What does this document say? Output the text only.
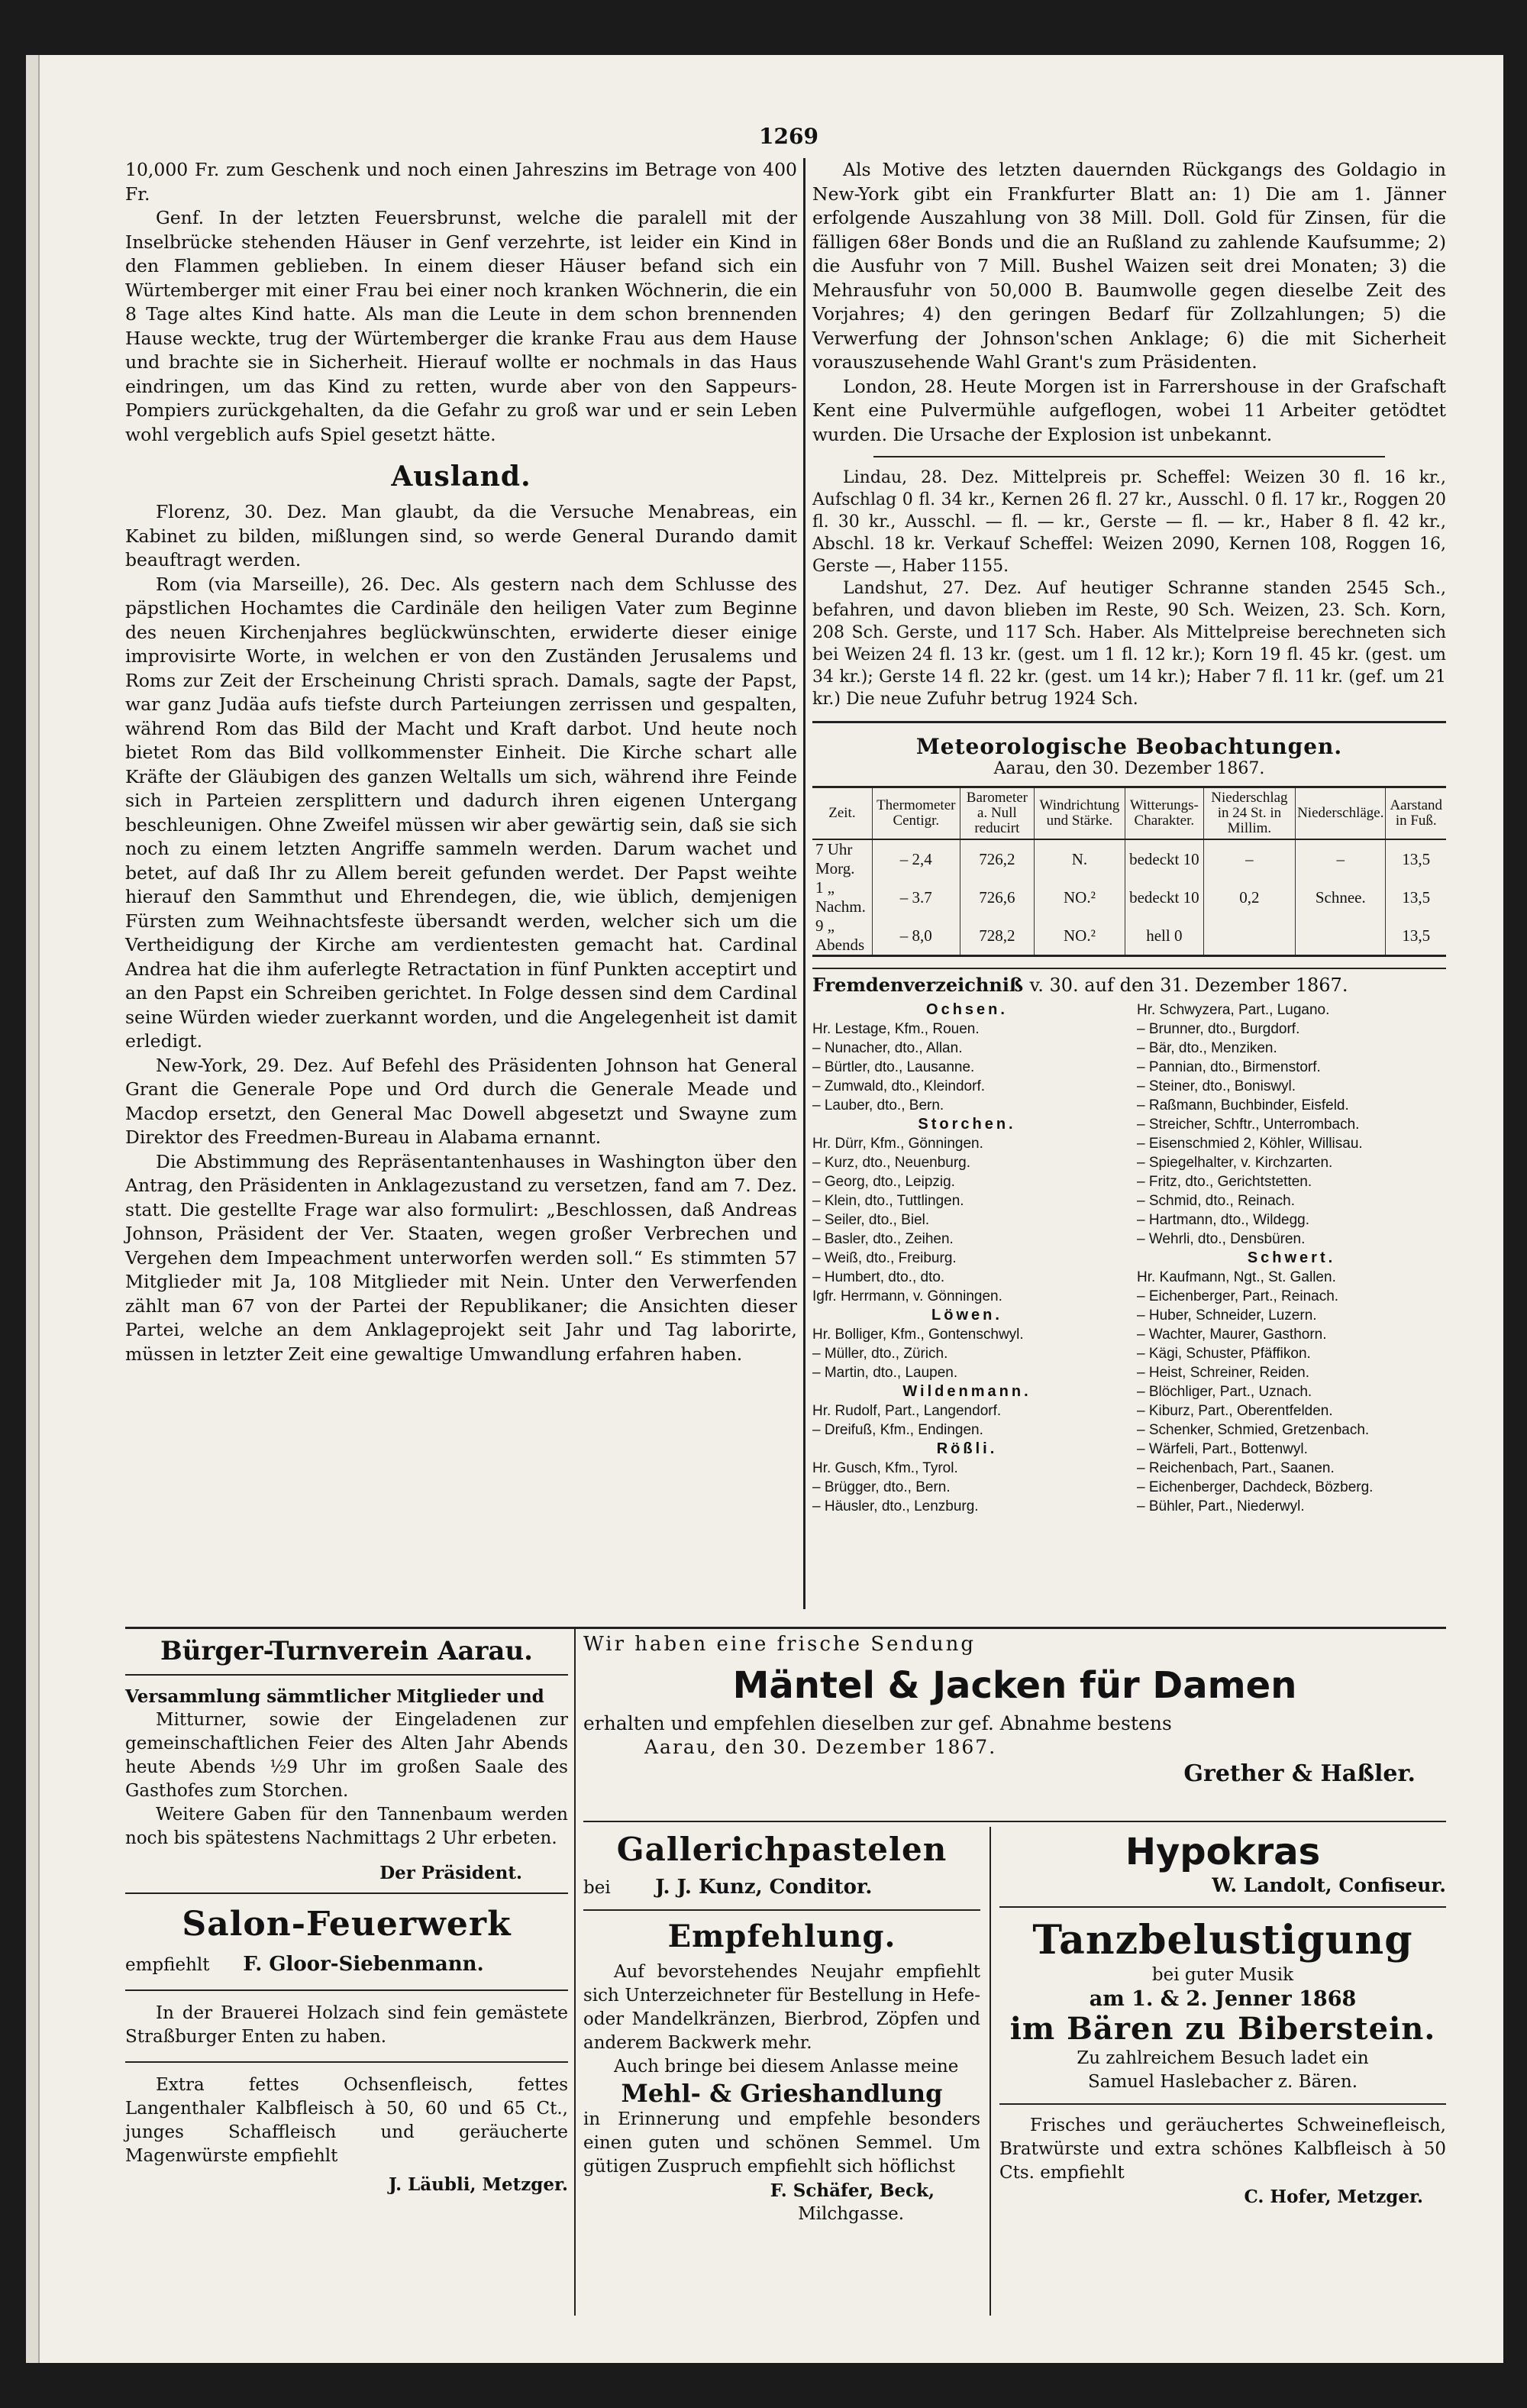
1269

10,000 Fr. zum Geschenk und noch einen Jahreszins im Betrage von 400 Fr.

Genf. In der letzten Feuersbrunst, welche die paralell mit der Inselbrücke stehenden Häuser in Genf verzehrte, ist leider ein Kind in den Flammen geblieben. In einem dieser Häuser befand sich ein Würtemberger mit einer Frau bei einer noch kranken Wöchnerin, die ein 8 Tage altes Kind hatte. Als man die Leute in dem schon brennenden Hause weckte, trug der Würtemberger die kranke Frau aus dem Hause und brachte sie in Sicherheit. Hierauf wollte er nochmals in das Haus eindringen, um das Kind zu retten, wurde aber von den Sappeurs-Pompiers zurückgehalten, da die Gefahr zu groß war und er sein Leben wohl vergeblich aufs Spiel gesetzt hätte.

Ausland.

Florenz, 30. Dez. Man glaubt, da die Versuche Menabreas, ein Kabinet zu bilden, mißlungen sind, so werde General Durando damit beauftragt werden.

Rom (via Marseille), 26. Dec. Als gestern nach dem Schlusse des päpstlichen Hochamtes die Cardinäle den heiligen Vater zum Beginne des neuen Kirchenjahres beglückwünschten, erwiderte dieser einige improvisirte Worte, in welchen er von den Zuständen Jerusalems und Roms zur Zeit der Erscheinung Christi sprach. Damals, sagte der Papst, war ganz Judäa aufs tiefste durch Parteiungen zerrissen und gespalten, während Rom das Bild der Macht und Kraft darbot. Und heute noch bietet Rom das Bild vollkommenster Einheit. Die Kirche schart alle Kräfte der Gläubigen des ganzen Weltalls um sich, während ihre Feinde sich in Parteien zersplittern und dadurch ihren eigenen Untergang beschleunigen. Ohne Zweifel müssen wir aber gewärtig sein, daß sie sich noch zu einem letzten Angriffe sammeln werden. Darum wachet und betet, auf daß Ihr zu Allem bereit gefunden werdet. Der Papst weihte hierauf den Sammthut und Ehrendegen, die, wie üblich, demjenigen Fürsten zum Weihnachtsfeste übersandt werden, welcher sich um die Vertheidigung der Kirche am verdientesten gemacht hat. Cardinal Andrea hat die ihm auferlegte Retractation in fünf Punkten acceptirt und an den Papst ein Schreiben gerichtet. In Folge dessen sind dem Cardinal seine Würden wieder zuerkannt worden, und die Angelegenheit ist damit erledigt.

New-York, 29. Dez. Auf Befehl des Präsidenten Johnson hat General Grant die Generale Pope und Ord durch die Generale Meade und Macdop ersetzt, den General Mac Dowell abgesetzt und Swayne zum Direktor des Freedmen-Bureau in Alabama ernannt.

Die Abstimmung des Repräsentantenhauses in Washington über den Antrag, den Präsidenten in Anklagezustand zu versetzen, fand am 7. Dez. statt. Die gestellte Frage war also formulirt: „Beschlossen, daß Andreas Johnson, Präsident der Ver. Staaten, wegen großer Verbrechen und Vergehen dem Impeachment unterworfen werden soll.“ Es stimmten 57 Mitglieder mit Ja, 108 Mitglieder mit Nein. Unter den Verwerfenden zählt man 67 von der Partei der Republikaner; die Ansichten dieser Partei, welche an dem Anklageprojekt seit Jahr und Tag laborirte, müssen in letzter Zeit eine gewaltige Umwandlung erfahren haben.

Als Motive des letzten dauernden Rückgangs des Goldagio in New-York gibt ein Frankfurter Blatt an: 1) Die am 1. Jänner erfolgende Auszahlung von 38 Mill. Doll. Gold für Zinsen, für die fälligen 68er Bonds und die an Rußland zu zahlende Kaufsumme; 2) die Ausfuhr von 7 Mill. Bushel Waizen seit drei Monaten; 3) die Mehrausfuhr von 50,000 B. Baumwolle gegen dieselbe Zeit des Vorjahres; 4) den geringen Bedarf für Zollzahlungen; 5) die Verwerfung der Johnson'schen Anklage; 6) die mit Sicherheit vorauszusehende Wahl Grant's zum Präsidenten.

London, 28. Heute Morgen ist in Farrershouse in der Grafschaft Kent eine Pulvermühle aufgeflogen, wobei 11 Arbeiter getödtet wurden. Die Ursache der Explosion ist unbekannt.

Lindau, 28. Dez. Mittelpreis pr. Scheffel: Weizen 30 fl. 16 kr., Aufschlag 0 fl. 34 kr., Kernen 26 fl. 27 kr., Ausschl. 0 fl. 17 kr., Roggen 20 fl. 30 kr., Ausschl. — fl. — kr., Gerste — fl. — kr., Haber 8 fl. 42 kr., Abschl. 18 kr. Verkauf Scheffel: Weizen 2090, Kernen 108, Roggen 16, Gerste —, Haber 1155.

Landshut, 27. Dez. Auf heutiger Schranne standen 2545 Sch., befahren, und davon blieben im Reste, 90 Sch. Weizen, 23. Sch. Korn, 208 Sch. Gerste, und 117 Sch. Haber. Als Mittelpreise berechneten sich bei Weizen 24 fl. 13 kr. (gest. um 1 fl. 12 kr.); Korn 19 fl. 45 kr. (gest. um 34 kr.); Gerste 14 fl. 22 kr. (gest. um 14 kr.); Haber 7 fl. 11 kr. (gef. um 21 kr.) Die neue Zufuhr betrug 1924 Sch.

Meteorologische Beobachtungen.
Aarau, den 30. Dezember 1867.
Zeit.	Thermometer Centigr.	Barometer a. Null reducirt	Windrichtung und Stärke.	Witterungs-Charakter.	Niederschlag in 24 St. in Millim.	Niederschläge.	Aarstand in Fuß.
7 Uhr Morg.	– 2,4	726,2	N.	bedeckt 10	–	–	13,5
1 „ Nachm.	– 3.7	726,6	NO.²	bedeckt 10	0,2	Schnee.	13,5
9 „ Abends	– 8,0	728,2	NO.²	hell 0			13,5
Fremdenverzeichniß v. 30. auf den 31. Dezember 1867.
Ochsen.
Hr. Lestage, Kfm., Rouen.
– Nunacher, dto., Allan.
– Bürtler, dto., Lausanne.
– Zumwald, dto., Kleindorf.
– Lauber, dto., Bern.
Storchen.
Hr. Dürr, Kfm., Gönningen.
– Kurz, dto., Neuenburg.
– Georg, dto., Leipzig.
– Klein, dto., Tuttlingen.
– Seiler, dto., Biel.
– Basler, dto., Zeihen.
– Weiß, dto., Freiburg.
– Humbert, dto., dto.
Igfr. Herrmann, v. Gönningen.
Löwen.
Hr. Bolliger, Kfm., Gontenschwyl.
– Müller, dto., Zürich.
– Martin, dto., Laupen.
Wildenmann.
Hr. Rudolf, Part., Langendorf.
– Dreifuß, Kfm., Endingen.
Rößli.
Hr. Gusch, Kfm., Tyrol.
– Brügger, dto., Bern.
– Häusler, dto., Lenzburg.
Hr. Schwyzera, Part., Lugano.
– Brunner, dto., Burgdorf.
– Bär, dto., Menziken.
– Pannian, dto., Birmenstorf.
– Steiner, dto., Boniswyl.
– Raßmann, Buchbinder, Eisfeld.
– Streicher, Schftr., Unterrombach.
– Eisenschmied 2, Köhler, Willisau.
– Spiegelhalter, v. Kirchzarten.
– Fritz, dto., Gerichtstetten.
– Schmid, dto., Reinach.
– Hartmann, dto., Wildegg.
– Wehrli, dto., Densbüren.
Schwert.
Hr. Kaufmann, Ngt., St. Gallen.
– Eichenberger, Part., Reinach.
– Huber, Schneider, Luzern.
– Wachter, Maurer, Gasthorn.
– Kägi, Schuster, Pfäffikon.
– Heist, Schreiner, Reiden.
– Blöchliger, Part., Uznach.
– Kiburz, Part., Oberentfelden.
– Schenker, Schmied, Gretzenbach.
– Wärfeli, Part., Bottenwyl.
– Reichenbach, Part., Saanen.
– Eichenberger, Dachdeck, Bözberg.
– Bühler, Part., Niederwyl.
Bürger-Turnverein Aarau.

Versammlung sämmtlicher Mitglieder und

Mitturner, sowie der Eingeladenen zur gemeinschaftlichen Feier des Alten Jahr Abends heute Abends ½9 Uhr im großen Saale des Gasthofes zum Storchen.

Weitere Gaben für den Tannenbaum werden noch bis spätestens Nachmittags 2 Uhr erbeten.

Der Präsident.

Salon-Feuerwerk

empfiehlt F. Gloor-Siebenmann.

In der Brauerei Holzach sind fein gemästete Straßburger Enten zu haben.

Extra fettes Ochsenfleisch, fettes Langenthaler Kalbfleisch à 50, 60 und 65 Ct., junges Schaffleisch und geräucherte Magenwürste empfiehlt

J. Läubli, Metzger.

Wir haben eine frische Sendung

Mäntel & Jacken für Damen

erhalten und empfehlen dieselben zur gef. Abnahme bestens

Aarau, den 30. Dezember 1867.

Grether & Haßler.

Gallerichpastelen

bei J. J. Kunz, Conditor.

Empfehlung.

Auf bevorstehendes Neujahr empfiehlt sich Unterzeichneter für Bestellung in Hefe- oder Mandelkränzen, Bierbrod, Zöpfen und anderem Backwerk mehr.

Auch bringe bei diesem Anlasse meine

Mehl- & Grieshandlung

in Erinnerung und empfehle besonders einen guten und schönen Semmel. Um gütigen Zuspruch empfiehlt sich höflichst

F. Schäfer, Beck,

Milchgasse.

Hypokras

W. Landolt, Confiseur.

Tanzbelustigung

bei guter Musik

am 1. & 2. Jenner 1868

im Bären zu Biberstein.

Zu zahlreichem Besuch ladet ein

Samuel Haslebacher z. Bären.

Frisches und geräuchertes Schweinefleisch, Bratwürste und extra schönes Kalbfleisch à 50 Cts. empfiehlt

C. Hofer, Metzger.
